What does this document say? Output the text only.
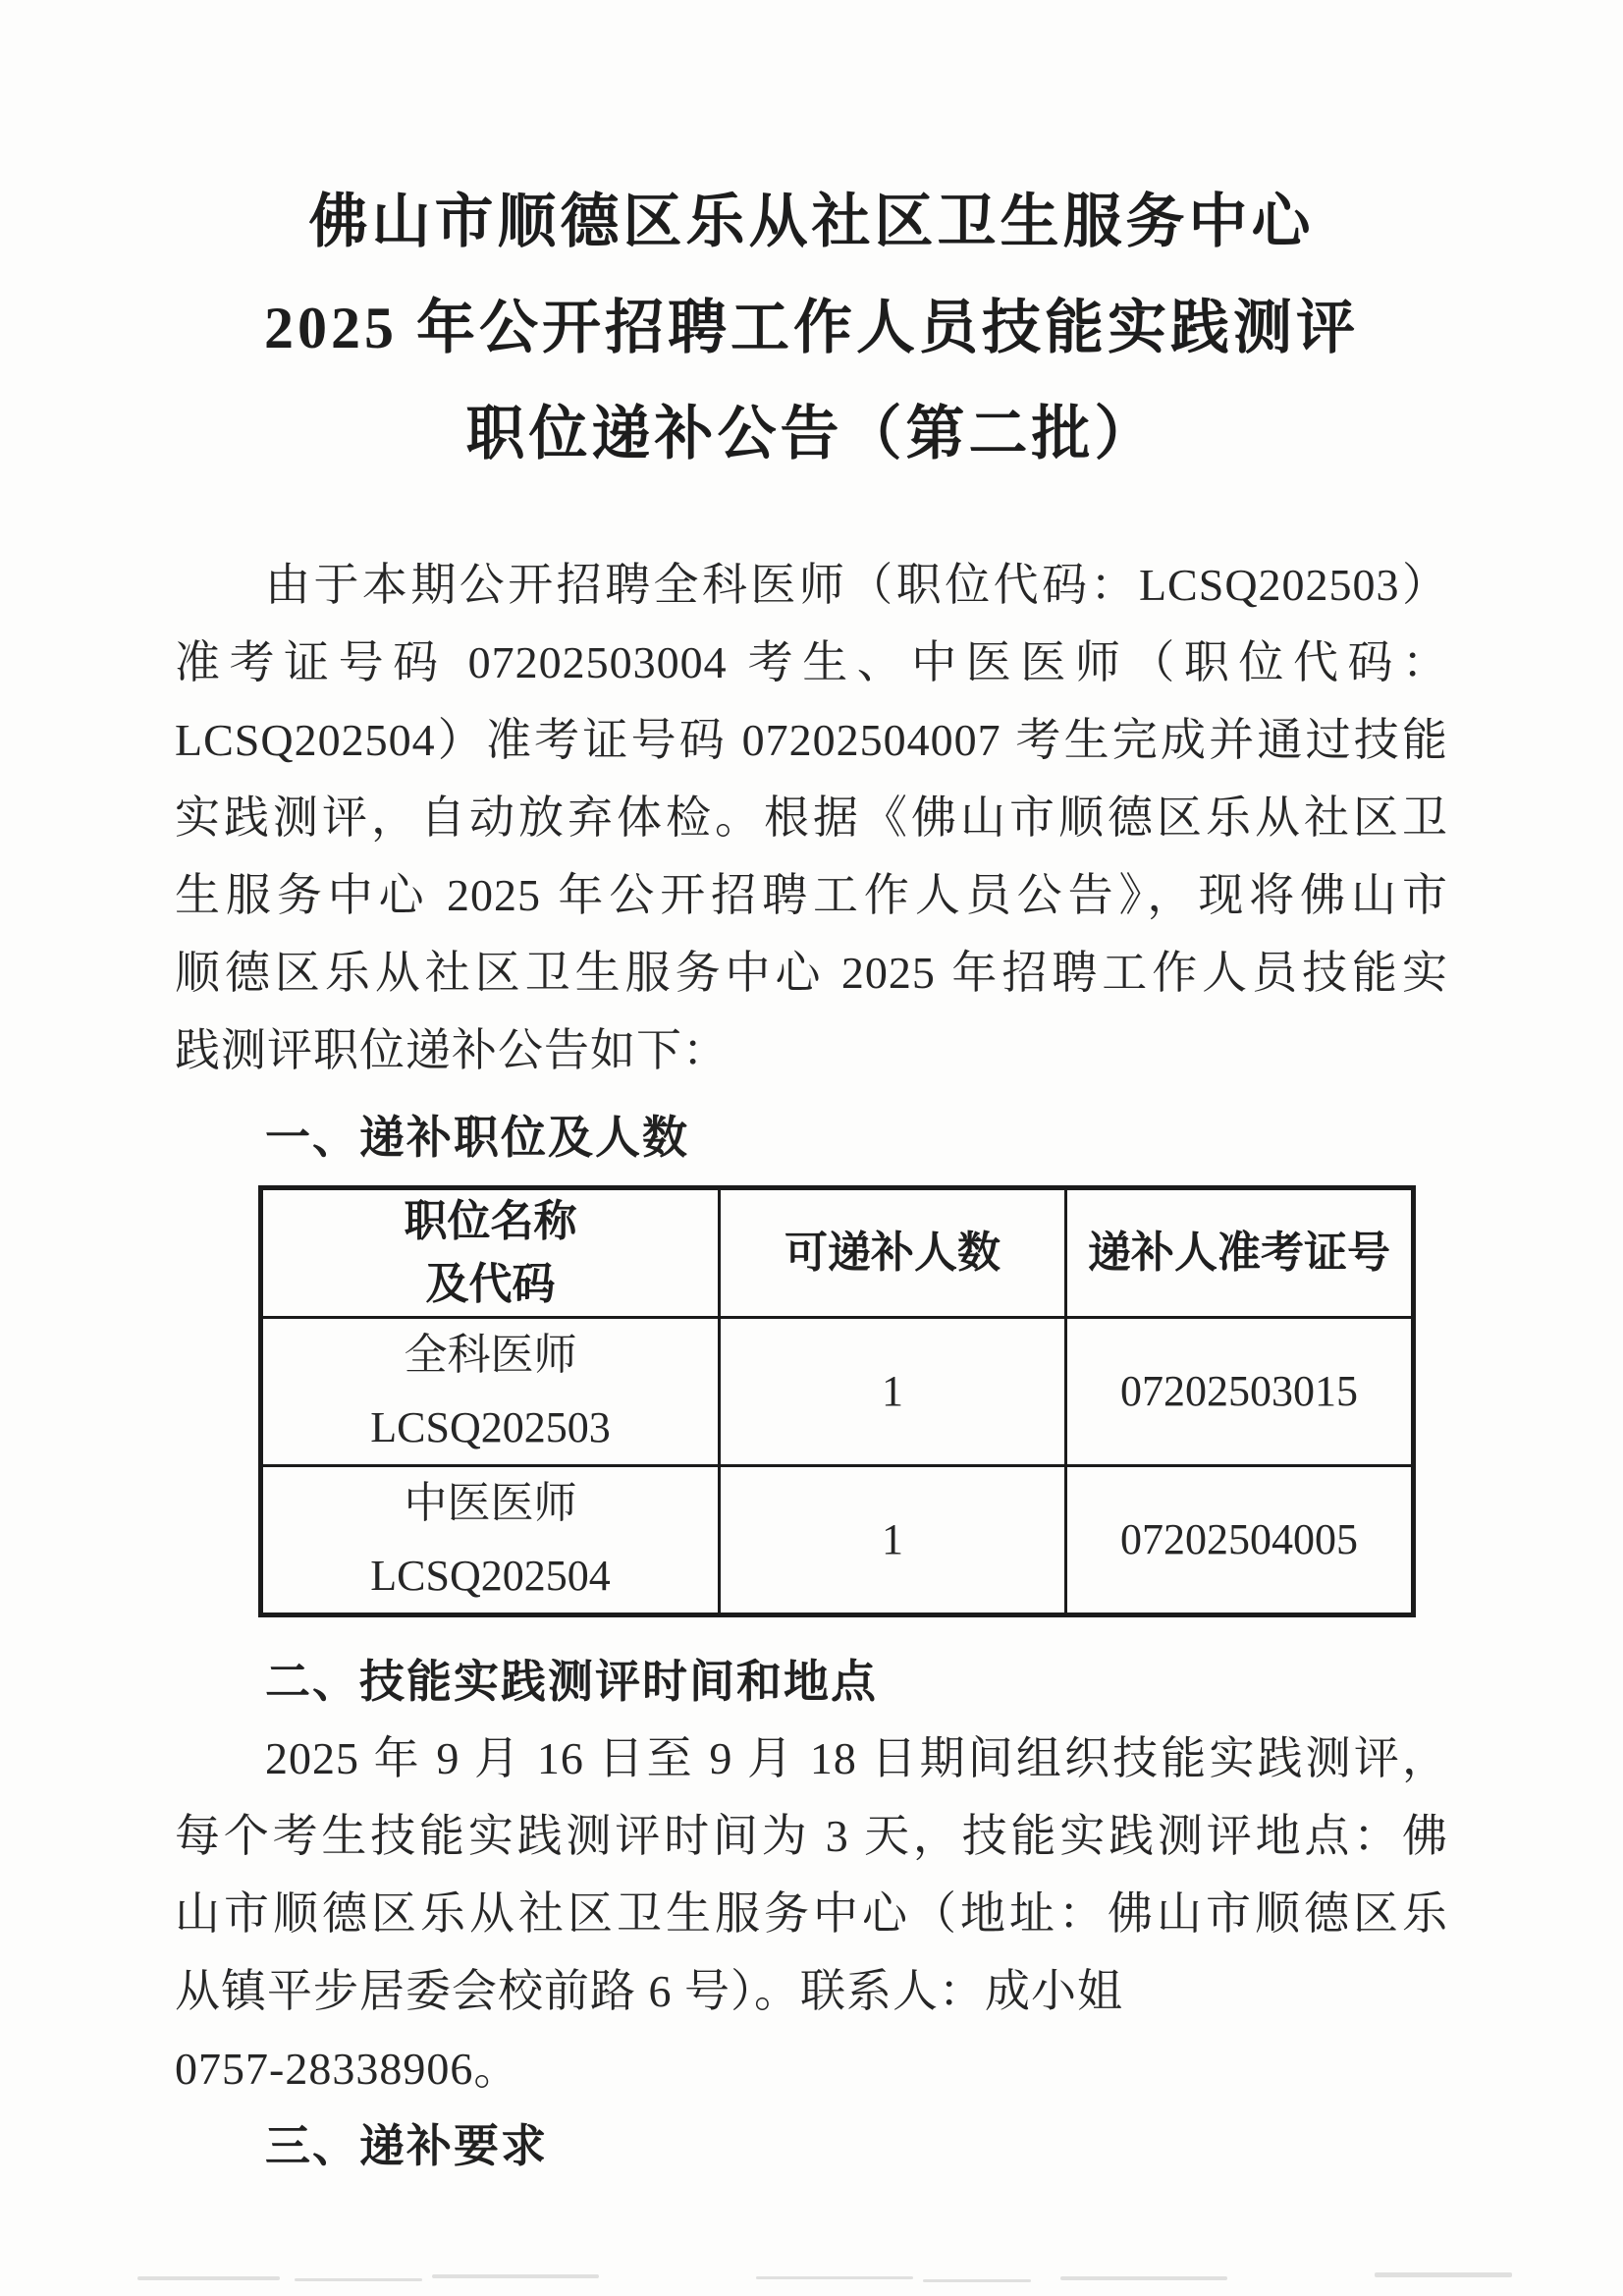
佛山市顺德区乐从社区卫生服务中心
2025 年公开招聘工作人员技能实践测评
职位递补公告（第二批）
由于本期公开招聘全科医师（职位代码：LCSQ202503）
准考证号码 07202503004 考生、中医医师（职位代码：
LCSQ202504）准考证号码 07202504007 考生完成并通过技能
实践测评，自动放弃体检。根据《佛山市顺德区乐从社区卫
生服务中心 2025 年公开招聘工作人员公告》，现将佛山市
顺德区乐从社区卫生服务中心 2025 年招聘工作人员技能实
践测评职位递补公告如下：
一、递补职位及人数
职位名称
及代码	可递补人数	递补人准考证号

全科医师
LCSQ202503	1	07202503015

中医医师
LCSQ202504	1	07202504005
二、技能实践测评时间和地点
2025 年 9 月 16 日至 9 月 18 日期间组织技能实践测评，
每个考生技能实践测评时间为 3 天，技能实践测评地点：佛
山市顺德区乐从社区卫生服务中心（地址：佛山市顺德区乐
从镇平步居委会校前路 6 号）。联系人：成小姐
0757-28338906。
三、递补要求
